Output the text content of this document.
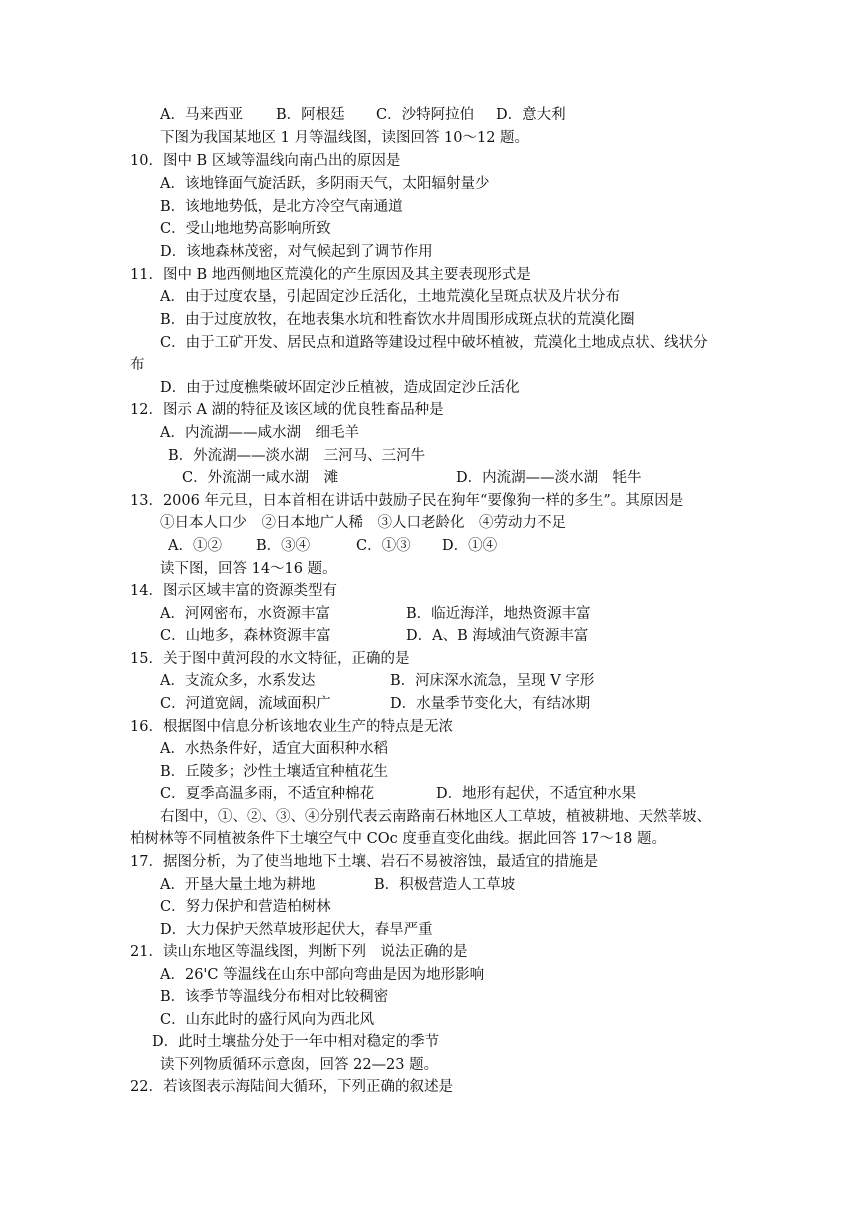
A．马来西亚 B．阿根廷 C．沙特阿拉伯 D．意大利
下图为我国某地区 1 月等温线图，读图回答 10～12 题。
10．图中 B 区域等温线向南凸出的原因是
A．该地锋面气旋活跃，多阴雨天气，太阳辐射量少
B．该地地势低，是北方冷空气南通道
C．受山地地势高影响所致
D．该地森林茂密，对气候起到了调节作用
11．图中 B 地西侧地区荒漠化的产生原因及其主要表现形式是
A．由于过度农垦，引起固定沙丘活化，土地荒漠化呈斑点状及片状分布
B．由于过度放牧，在地表集水坑和牲畜饮水井周围形成斑点状的荒漠化圈
C．由于工矿开发、居民点和道路等建设过程中破坏植被，荒漠化土地成点状、线状分
布
D．由于过度樵柴破坏固定沙丘植被，造成固定沙丘活化
12．图示 A 湖的特征及该区域的优良牲畜品种是
A．内流湖——咸水湖　细毛羊
B．外流湖——淡水湖　三河马、三河牛
C．外流湖一咸水湖　滩	D．内流湖——淡水湖　牦牛
13．2006 年元旦，日本首相在讲话中鼓励子民在狗年“要像狗一样的多生”。其原因是
①日本人口少　②日本地广人稀　③人口老龄化　④劳动力不足
A．①② B．③④	C．①③ D．①④
读下图，回答 14～16 题。
14．图示区域丰富的资源类型有
A．河网密布，水资源丰富	B．临近海洋，地热资源丰富
C．山地多，森林资源丰富	D．A、B 海域油气资源丰富
15．关于图中黄河段的水文特征，正确的是
A．支流众多，水系发达	B．河床深水流急，呈现 V 字形
C．河道宽阔，流域面积广	D．水量季节变化大，有结冰期
16．根据图中信息分析该地农业生产的特点是无浓
A．水热条件好，适宜大面积种水稻
B．丘陵多；沙性土壤适宜种植花生
C．夏季高温多雨，不适宜种棉花	D．地形有起伏，不适宜种水果
右图中，①、②、③、④分别代表云南路南石林地区人工草坡，植被耕地、天然莘坡、
柏树林等不同植被条件下土壤空气中 COc 度垂直变化曲线。据此回答 17～18 题。
17．据图分析，为了使当地地下土壤、岩石不易被溶蚀，最适宜的措施是
A．开垦大量土地为耕地	B．积极营造人工草坡
C．努力保护和营造柏树林
D．大力保护天然草坡形起伏大，春旱严重
21．读山东地区等温线图，判断下列　说法正确的是
A．26'C 等温线在山东中部向弯曲是因为地形影响
B．该季节等温线分布相对比较稠密
C．山东此时的盛行风向为西北风
D．此时土壤盐分处于一年中相对稳定的季节
读下列物质循环示意囱，回答 22—23 题。
22．若该图表示海陆间大循环，下列正确的叙述是
